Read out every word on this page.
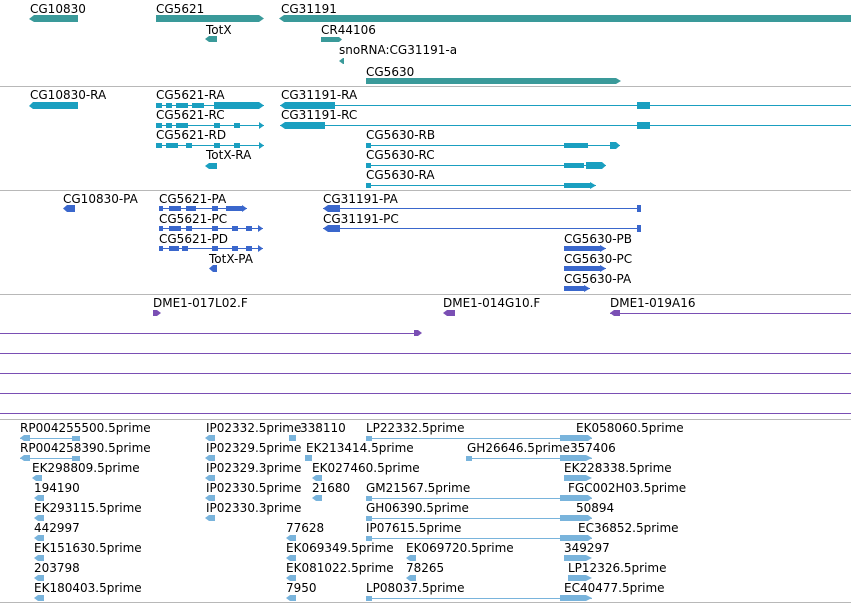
CG10830	CG5621	CG31191
TotX	CR44106
snoRNA:CG31191-a
CG5630
CG10830-RA	CG5621-RA
CG5621-RC
CG5621-RD
TotX-RA
CG31191-RA
CG31191-RC
CG5630-RB
CG5630-RC
CG5630-RA
CG10830-PA CG5621-PA
CG5621-PC
CG5621-PD
TotX-PA
CG31191-PA
CG31191-PC
CG5630-PB
CG5630-PC
CG5630-PA
DME1-017L02.F	DME1-014G10.F	DME1-019A16
RP004255500.5prime	IP02332.5prime
338110 LP22332.5prime	EK058060.5prime
RP004258390.5prime	IP02329.5prime EK213414.5prime	GH26646.5prime 357406
EK298809.5prime	IP02329.3prime EK027460.5prime	EK228338.5prime
194190	IP02330.5prime 21680 GM21567.5prime	FGC002H03.5prime
EK293115.5prime	IP02330.3prime	GH06390.5prime	50894
442997	77628	IP07615.5prime	EC36852.5prime
EK151630.5prime	EK069349.5prime EK069720.5prime	349297
203798	78265	LP12326.5prime
EK081022.5prime
EK180403.5prime	7950	LP08037.5prime	EC40477.5prime
